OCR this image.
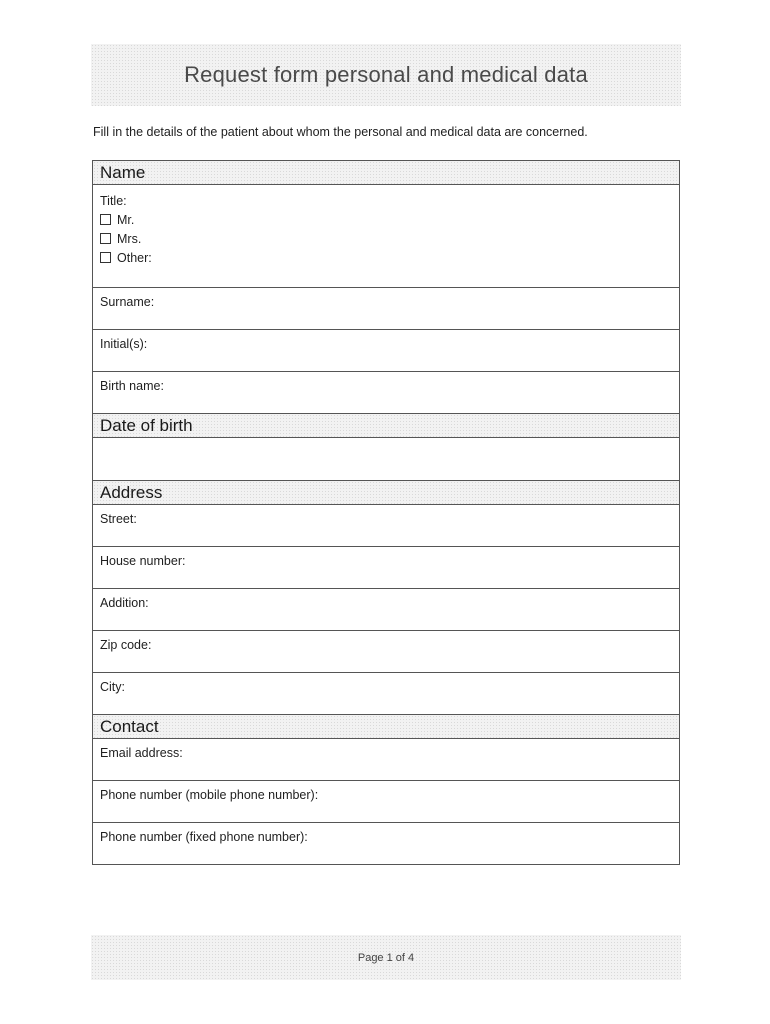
Request form personal and medical data
Fill in the details of the patient about whom the personal and medical data are concerned.
Name
Title:
Mr.
Mrs.
Other:
Surname:
Initial(s):
Birth name:
Date of birth
Address
Street:
House number:
Addition:
Zip code:
City:
Contact
Email address:
Phone number (mobile phone number):
Phone number (fixed phone number):
Page 1 of 4
